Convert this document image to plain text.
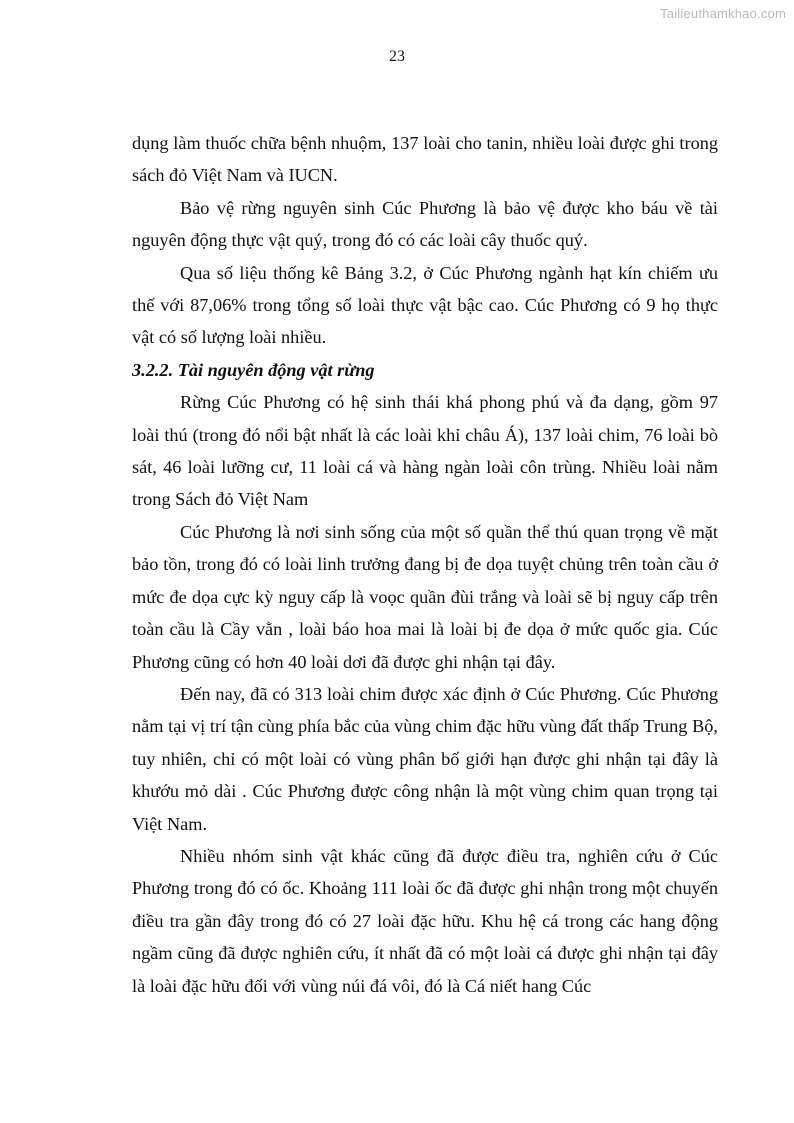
Tailieuthamkhao.com
23

dụng làm thuốc chữa bệnh nhuộm, 137 loài cho tanin, nhiều loài được ghi trong sách đỏ Việt Nam và IUCN.

Bảo vệ rừng nguyên sinh Cúc Phương là bảo vệ được kho báu về tài nguyên động thực vật quý, trong đó có các loài cây thuốc quý.

Qua số liệu thống kê Bảng 3.2, ở Cúc Phương ngành hạt kín chiếm ưu thế với 87,06% trong tổng số loài thực vật bậc cao. Cúc Phương có 9 họ thực vật có số lượng loài nhiều.

3.2.2. Tài nguyên động vật rừng

Rừng Cúc Phương có hệ sinh thái khá phong phú và đa dạng, gồm 97 loài thú (trong đó nổi bật nhất là các loài khỉ châu Á), 137 loài chim, 76 loài bò sát, 46 loài lưỡng cư, 11 loài cá và hàng ngàn loài côn trùng. Nhiều loài nằm trong Sách đỏ Việt Nam

Cúc Phương là nơi sinh sống của một số quần thể thú quan trọng về mặt bảo tồn, trong đó có loài linh trưởng đang bị đe dọa tuyệt chủng trên toàn cầu ở mức đe dọa cực kỳ nguy cấp là voọc quần đùi trắng và loài sẽ bị nguy cấp trên toàn cầu là Cầy vằn , loài báo hoa mai là loài bị đe dọa ở mức quốc gia. Cúc Phương cũng có hơn 40 loài dơi đã được ghi nhận tại đây.

Đến nay, đã có 313 loài chim được xác định ở Cúc Phương. Cúc Phương nằm tại vị trí tận cùng phía bắc của vùng chim đặc hữu vùng đất thấp Trung Bộ, tuy nhiên, chỉ có một loài có vùng phân bố giới hạn được ghi nhận tại đây là khướu mỏ dài . Cúc Phương được công nhận là một vùng chim quan trọng tại Việt Nam.

Nhiều nhóm sinh vật khác cũng đã được điều tra, nghiên cứu ở Cúc Phương trong đó có ốc. Khoảng 111 loài ốc đã được ghi nhận trong một chuyến điều tra gần đây trong đó có 27 loài đặc hữu. Khu hệ cá trong các hang động ngầm cũng đã được nghiên cứu, ít nhất đã có một loài cá được ghi nhận tại đây là loài đặc hữu đối với vùng núi đá vôi, đó là Cá niết hang Cúc
